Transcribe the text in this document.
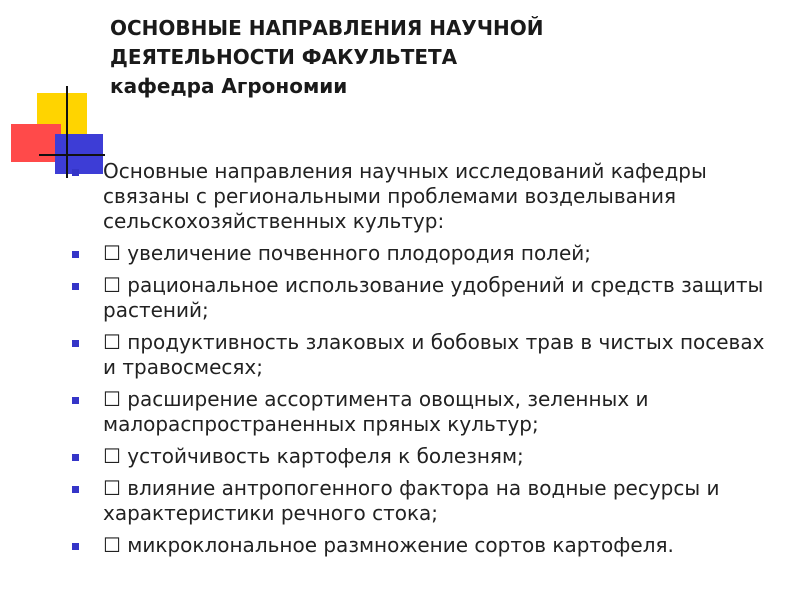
ОСНОВНЫЕ НАПРАВЛЕНИЯ НАУЧНОЙ
ДЕЯТЕЛЬНОСТИ ФАКУЛЬТЕТА
кафедра Агрономии
Основные направления научных исследований кафедры связаны с региональными проблемами возделывания сельскохозяйственных культур:
☐ увеличение почвенного плодородия полей;
☐ рациональное использование удобрений и средств защиты растений;
☐ продуктивность злаковых и бобовых трав в чистых посевах и травосмесях;
☐ расширение ассортимента овощных, зеленных и малораспространенных пряных культур;
☐ устойчивость картофеля к болезням;
☐ влияние антропогенного фактора на водные ресурсы и характеристики речного стока;
☐ микроклональное размножение сортов картофеля.
